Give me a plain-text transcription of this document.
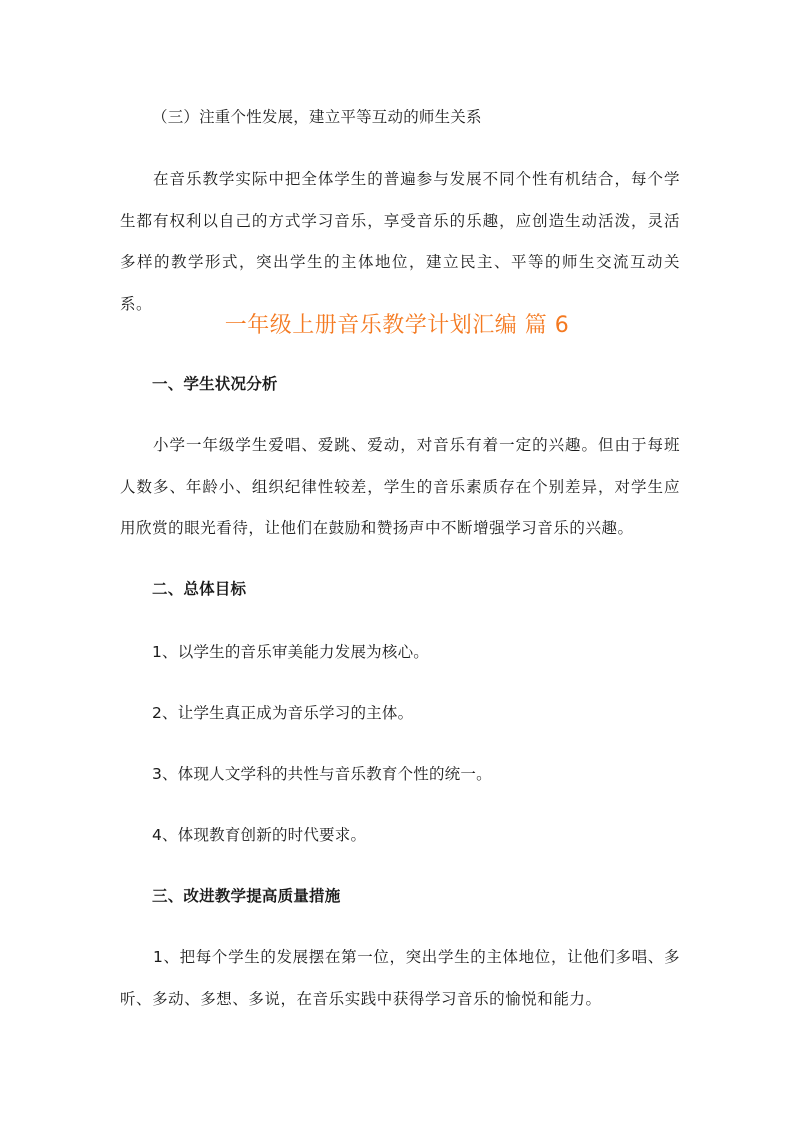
（三）注重个性发展，建立平等互动的师生关系
在音乐教学实际中把全体学生的普遍参与发展不同个性有机结合，每个学生都有权利以自己的方式学习音乐，享受音乐的乐趣，应创造生动活泼，灵活多样的教学形式，突出学生的主体地位，建立民主、平等的师生交流互动关系。
一年级上册音乐教学计划汇编 篇 6
一、学生状况分析
小学一年级学生爱唱、爱跳、爱动，对音乐有着一定的兴趣。但由于每班人数多、年龄小、组织纪律性较差，学生的音乐素质存在个别差异，对学生应用欣赏的眼光看待，让他们在鼓励和赞扬声中不断增强学习音乐的兴趣。
二、总体目标
1、以学生的音乐审美能力发展为核心。
2、让学生真正成为音乐学习的主体。
3、体现人文学科的共性与音乐教育个性的统一。
4、体现教育创新的时代要求。
三、改进教学提高质量措施
1、把每个学生的发展摆在第一位，突出学生的主体地位，让他们多唱、多听、多动、多想、多说，在音乐实践中获得学习音乐的愉悦和能力。
